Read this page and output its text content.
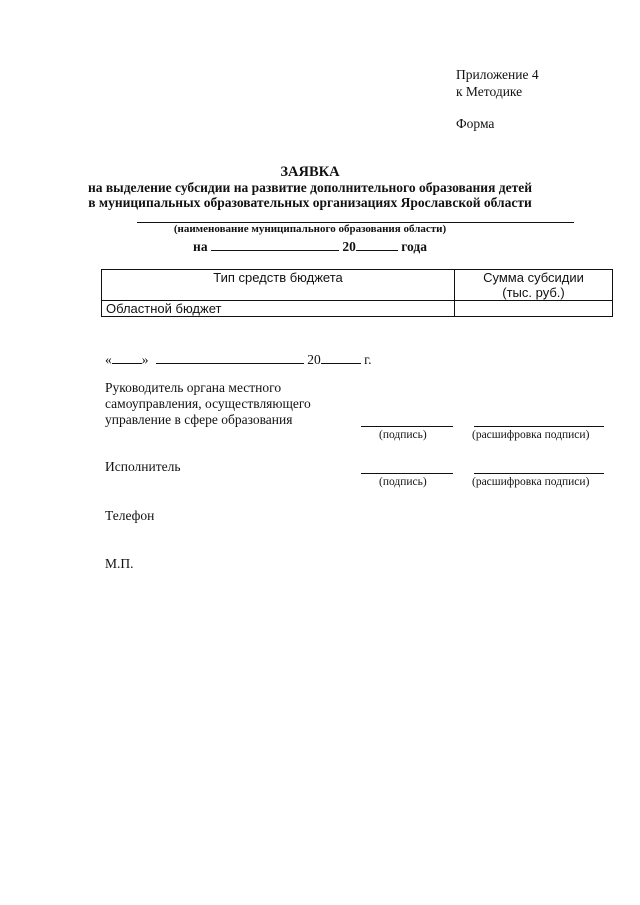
Приложение 4
к Методике
Форма
ЗАЯВКА
на выделение субсидии на развитие дополнительного образования детей
в муниципальных образовательных организациях Ярославской области
(наименование муниципального образования области)
на	20	года
Тип средств бюджета	Сумма субсидии
(тыс. руб.)

Областной бюджет	
« »	20	г.
Руководитель органа местного
самоуправления, осуществляющего
управление в сфере образования
(подпись)	(расшифровка подписи)
Исполнитель
(подпись)	(расшифровка подписи)
Телефон
М.П.
